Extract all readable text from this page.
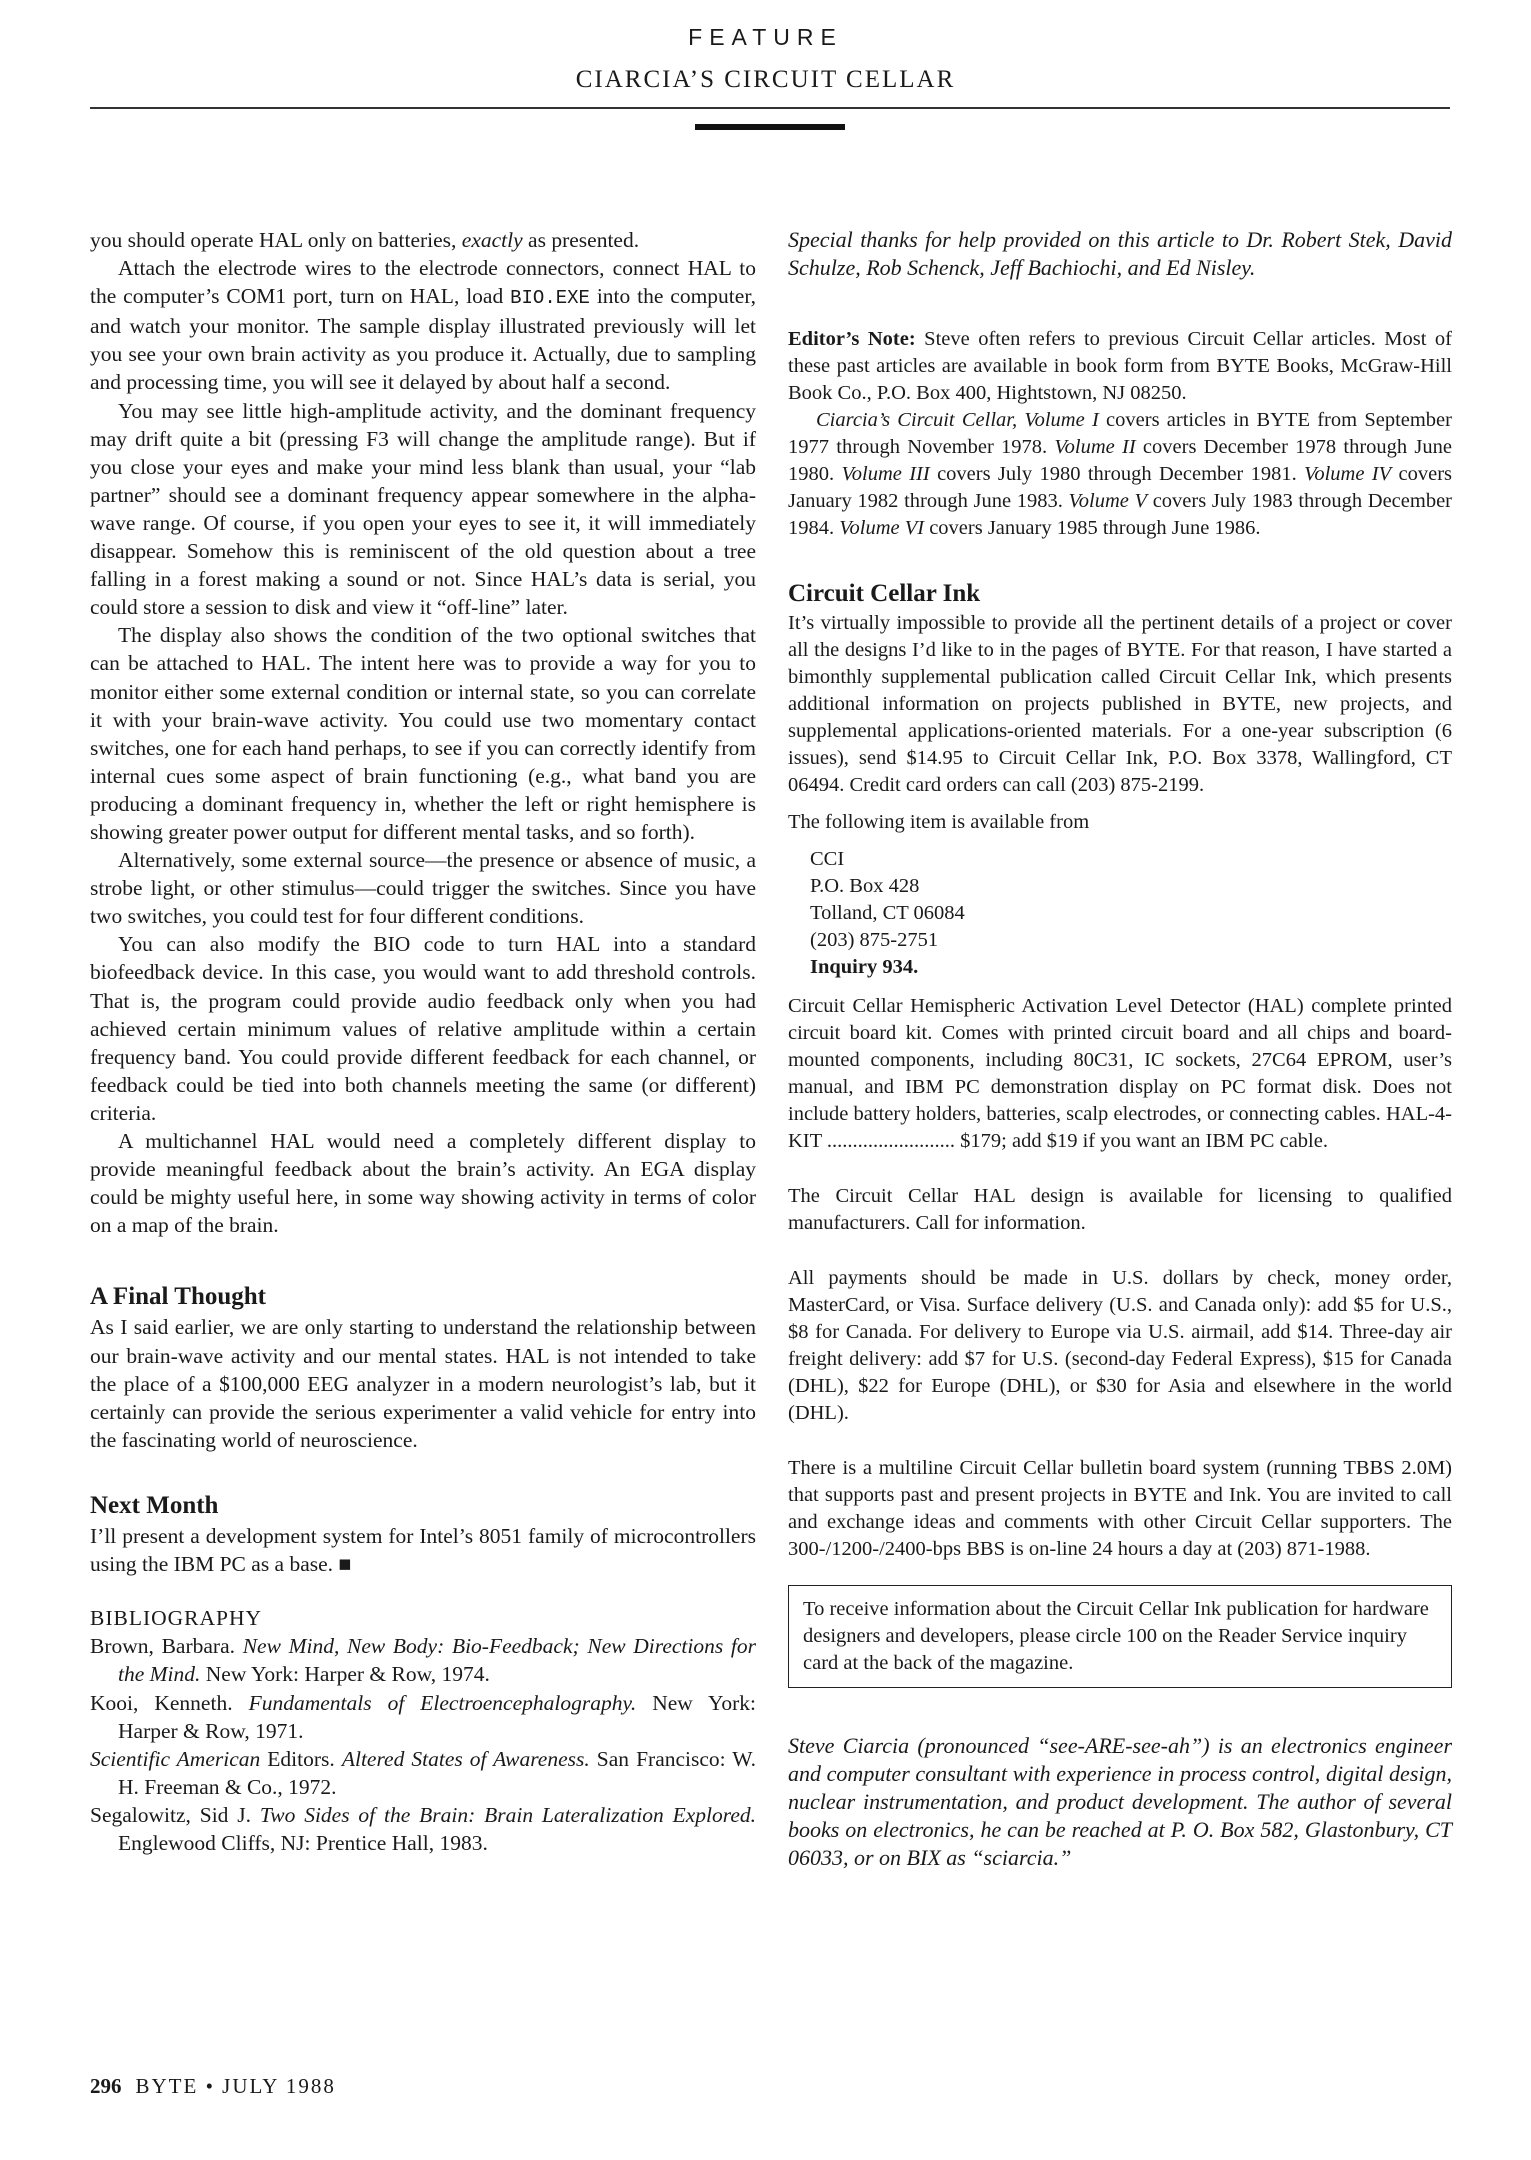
FEATURE
CIARCIA’S CIRCUIT CELLAR

you should operate HAL only on batteries, exactly as presented.

Attach the electrode wires to the electrode connectors, connect HAL to the computer’s COM1 port, turn on HAL, load BIO.EXE into the computer, and watch your monitor. The sample display illustrated previously will let you see your own brain activity as you produce it. Actually, due to sampling and processing time, you will see it delayed by about half a second.

You may see little high-amplitude activity, and the dominant frequency may drift quite a bit (pressing F3 will change the amplitude range). But if you close your eyes and make your mind less blank than usual, your “lab partner” should see a dominant frequency appear somewhere in the alpha-wave range. Of course, if you open your eyes to see it, it will immediately disappear. Somehow this is reminiscent of the old question about a tree falling in a forest making a sound or not. Since HAL’s data is serial, you could store a session to disk and view it “off-line” later.

The display also shows the condition of the two optional switches that can be attached to HAL. The intent here was to provide a way for you to monitor either some external condition or internal state, so you can correlate it with your brain-wave activity. You could use two momentary contact switches, one for each hand perhaps, to see if you can correctly identify from internal cues some aspect of brain functioning (e.g., what band you are producing a dominant frequency in, whether the left or right hemisphere is showing greater power output for different mental tasks, and so forth).

Alternatively, some external source—the presence or absence of music, a strobe light, or other stimulus—could trigger the switches. Since you have two switches, you could test for four different conditions.

You can also modify the BIO code to turn HAL into a standard biofeedback device. In this case, you would want to add threshold controls. That is, the program could provide audio feedback only when you had achieved certain minimum values of relative amplitude within a certain frequency band. You could provide different feedback for each channel, or feedback could be tied into both channels meeting the same (or different) criteria.

A multichannel HAL would need a completely different display to provide meaningful feedback about the brain’s activity. An EGA display could be mighty useful here, in some way showing activity in terms of color on a map of the brain.

A Final Thought

As I said earlier, we are only starting to understand the relationship between our brain-wave activity and our mental states. HAL is not intended to take the place of a $100,000 EEG analyzer in a modern neurologist’s lab, but it certainly can provide the serious experimenter a valid vehicle for entry into the fascinating world of neuroscience.

Next Month

I’ll present a development system for Intel’s 8051 family of microcontrollers using the IBM PC as a base. ■

BIBLIOGRAPHY
Brown, Barbara. New Mind, New Body: Bio-Feedback; New Directions for the Mind. New York: Harper & Row, 1974.
Kooi, Kenneth. Fundamentals of Electroencephalography. New York: Harper & Row, 1971.
Scientific American Editors. Altered States of Awareness. San Francisco: W. H. Freeman & Co., 1972.
Segalowitz, Sid J. Two Sides of the Brain: Brain Lateralization Explored. Englewood Cliffs, NJ: Prentice Hall, 1983.

Special thanks for help provided on this article to Dr. Robert Stek, David Schulze, Rob Schenck, Jeff Bachiochi, and Ed Nisley.

Editor’s Note: Steve often refers to previous Circuit Cellar articles. Most of these past articles are available in book form from BYTE Books, McGraw-Hill Book Co., P.O. Box 400, Hightstown, NJ 08250.

Ciarcia’s Circuit Cellar, Volume I covers articles in BYTE from September 1977 through November 1978. Volume II covers December 1978 through June 1980. Volume III covers July 1980 through December 1981. Volume IV covers January 1982 through June 1983. Volume V covers July 1983 through December 1984. Volume VI covers January 1985 through June 1986.

Circuit Cellar Ink

It’s virtually impossible to provide all the pertinent details of a project or cover all the designs I’d like to in the pages of BYTE. For that reason, I have started a bimonthly supplemental publication called Circuit Cellar Ink, which presents additional information on projects published in BYTE, new projects, and supplemental applications-oriented materials. For a one-year subscription (6 issues), send $14.95 to Circuit Cellar Ink, P.O. Box 3378, Wallingford, CT 06494. Credit card orders can call (203) 875-2199.

The following item is available from

CCI
P.O. Box 428
Tolland, CT 06084
(203) 875-2751
Inquiry 934.

Circuit Cellar Hemispheric Activation Level Detector (HAL) complete printed circuit board kit. Comes with printed circuit board and all chips and board-mounted components, including 80C31, IC sockets, 27C64 EPROM, user’s manual, and IBM PC demonstration display on PC format disk. Does not include battery holders, batteries, scalp electrodes, or connecting cables. HAL-4-KIT ......................... $179; add $19 if you want an IBM PC cable.

The Circuit Cellar HAL design is available for licensing to qualified manufacturers. Call for information.

All payments should be made in U.S. dollars by check, money order, MasterCard, or Visa. Surface delivery (U.S. and Canada only): add $5 for U.S., $8 for Canada. For delivery to Europe via U.S. airmail, add $14. Three-day air freight delivery: add $7 for U.S. (second-day Federal Express), $15 for Canada (DHL), $22 for Europe (DHL), or $30 for Asia and elsewhere in the world (DHL).

There is a multiline Circuit Cellar bulletin board system (running TBBS 2.0M) that supports past and present projects in BYTE and Ink. You are invited to call and exchange ideas and comments with other Circuit Cellar supporters. The 300-/1200-/2400-bps BBS is on-line 24 hours a day at (203) 871-1988.

To receive information about the Circuit Cellar Ink publication for hardware designers and developers, please circle 100 on the Reader Service inquiry card at the back of the magazine.

Steve Ciarcia (pronounced “see-ARE-see-ah”) is an electronics engineer and computer consultant with experience in process control, digital design, nuclear instrumentation, and product development. The author of several books on electronics, he can be reached at P. O. Box 582, Glastonbury, CT 06033, or on BIX as “sciarcia.”

296 BYTE • JULY 1988
